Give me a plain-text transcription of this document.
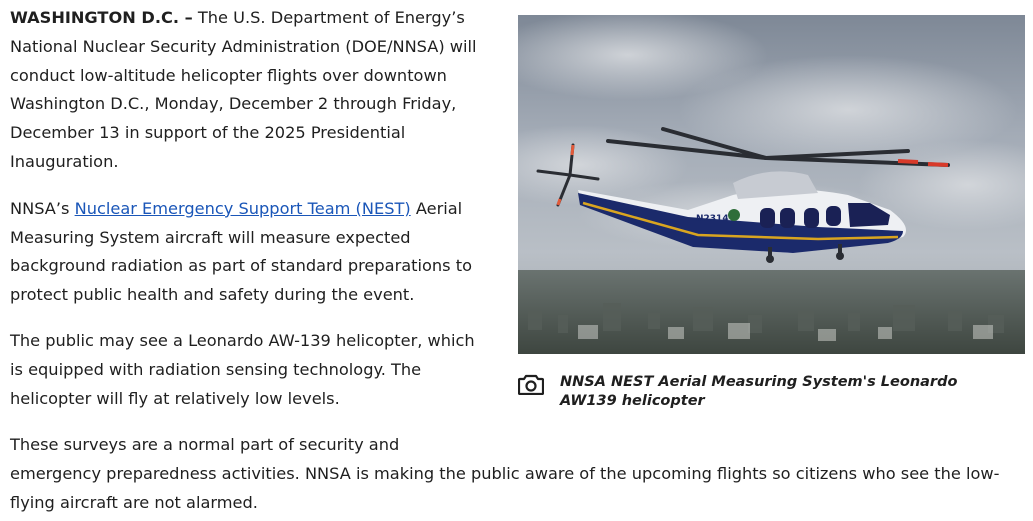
WASHINGTON D.C. – The U.S. Department of Energy’s National Nuclear Security Administration (DOE/NNSA) will conduct low-altitude helicopter flights over downtown Washington D.C., Monday, December 2 through Friday, December 13 in support of the 2025 Presidential Inauguration.

NNSA’s Nuclear Emergency Support Team (NEST) Aerial Measuring System aircraft will measure expected background radiation as part of standard preparations to protect public health and safety during the event.

The public may see a Leonardo AW-139 helicopter, which is equipped with radiation sensing technology. The helicopter will fly at relatively low levels.

These surveys are a normal part of security and
emergency preparedness activities. NNSA is making the public aware of the upcoming flights so citizens who see the low-flying aircraft are not alarmed.
N2314
NNSA NEST Aerial Measuring System's Leonardo AW139 helicopter
